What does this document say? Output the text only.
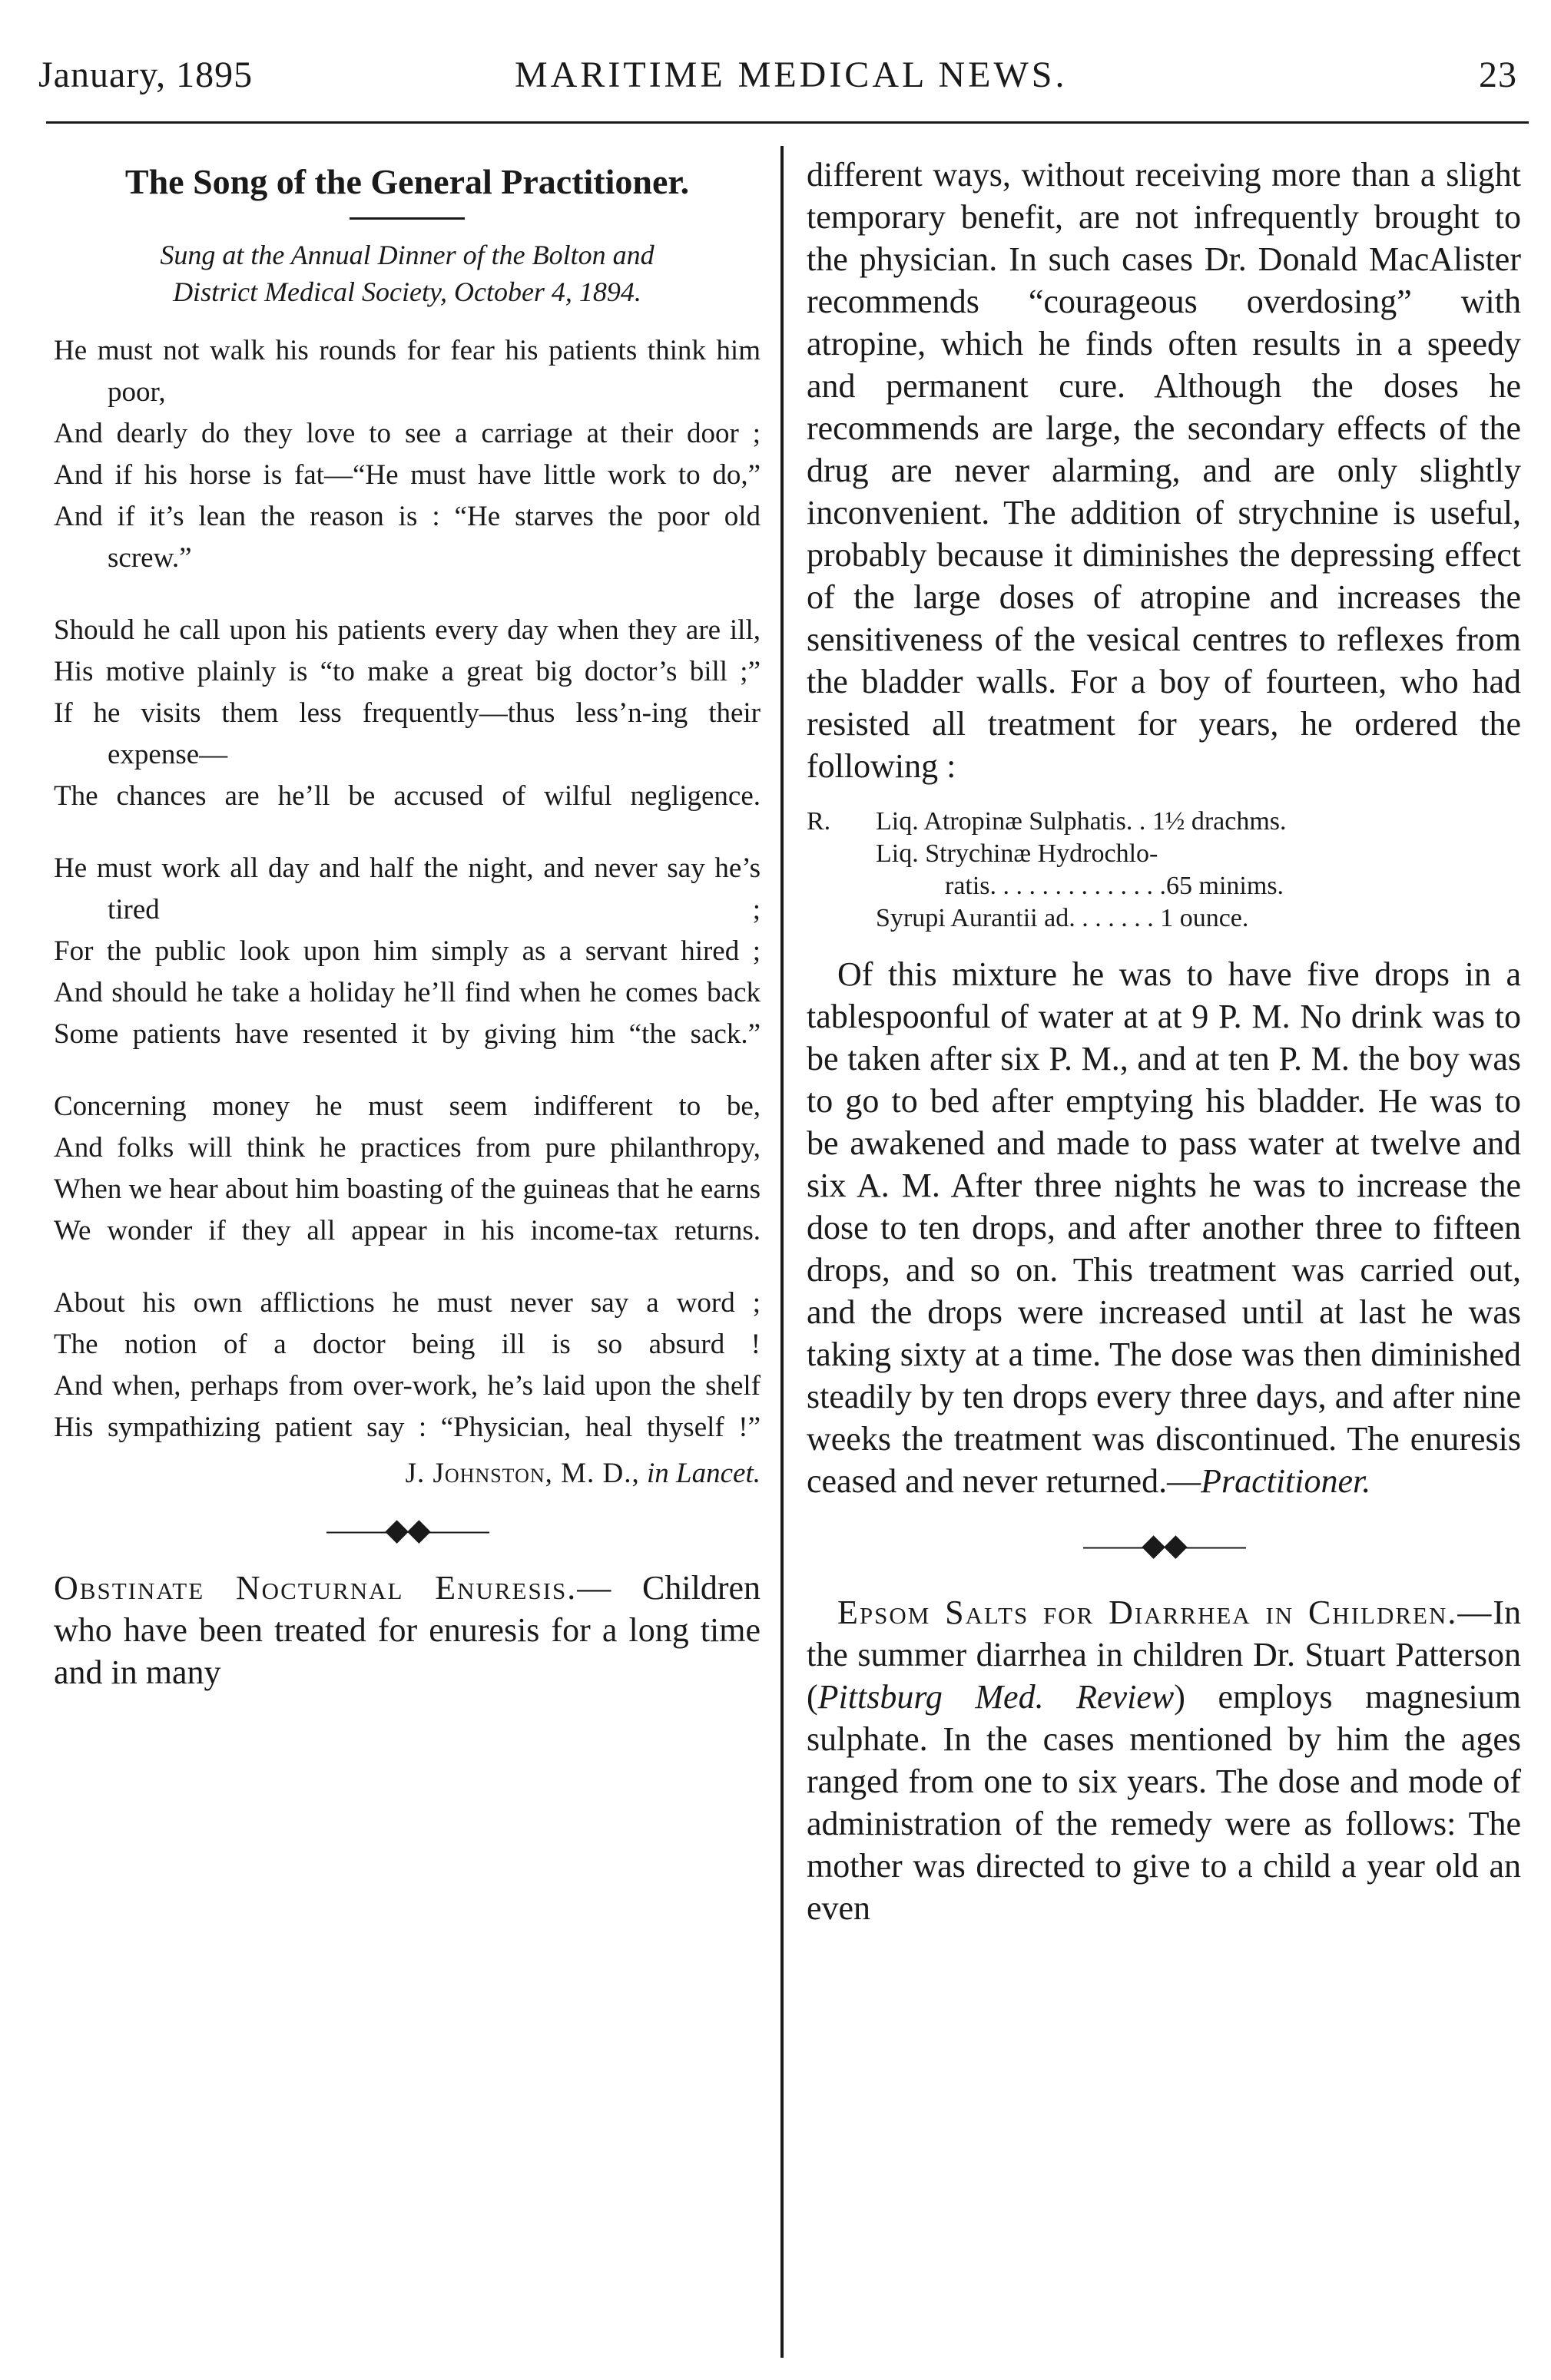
January, 1895	MARITIME MEDICAL NEWS.	23
The Song of the General Practitioner.
Sung at the Annual Dinner of the Bolton and
District Medical Society, October 4, 1894.
He must not walk his rounds for fear his patients think him poor,
And dearly do they love to see a carriage at their door ;
And if his horse is fat—“He must have little work to do,”
And if it’s lean the reason is : “He starves the poor old screw.”
Should he call upon his patients every day when they are ill,
His motive plainly is “to make a great big doctor’s bill ;”
If he visits them less frequently—thus less’n-ing their expense—
The chances are he’ll be accused of wilful negligence.
He must work all day and half the night, and never say he’s tired ;
For the public look upon him simply as a servant hired ;
And should he take a holiday he’ll find when he comes back
Some patients have resented it by giving him “the sack.”
Concerning money he must seem indifferent to be,
And folks will think he practices from pure philanthropy,
When we hear about him boasting of the guineas that he earns
We wonder if they all appear in his income-tax returns.
About his own afflictions he must never say a word ;
The notion of a doctor being ill is so absurd !
And when, perhaps from over-work, he’s laid upon the shelf
His sympathizing patient say : “Physician, heal thyself !”
J. Johnston, M. D., in Lancet.
——◆◆——
Obstinate Nocturnal Enuresis.— Children who have been treated for enuresis for a long time and in many
different ways, without receiving more than a slight temporary benefit, are not infrequently brought to the physician. In such cases Dr. Donald MacAlister recommends “courageous overdosing” with atropine, which he finds often results in a speedy and permanent cure. Although the doses he recommends are large, the secondary effects of the drug are never alarming, and are only slightly inconvenient. The addition of strychnine is useful, probably because it diminishes the depressing effect of the large doses of atropine and increases the sensitiveness of the vesical centres to reflexes from the bladder walls. For a boy of fourteen, who had resisted all treatment for years, he ordered the following :
R.	Liq. Atropinæ Sulphatis. . 1½ drachms.
Liq. Strychinæ Hydrochlo-
ratis. . . . . . . . . . . . . .65 minims.
Syrupi Aurantii ad. . . . . . . 1 ounce.
Of this mixture he was to have five drops in a tablespoonful of water at at 9 P. M. No drink was to be taken after six P. M., and at ten P. M. the boy was to go to bed after emptying his bladder. He was to be awakened and made to pass water at twelve and six A. M. After three nights he was to increase the dose to ten drops, and after another three to fifteen drops, and so on. This treatment was carried out, and the drops were increased until at last he was taking sixty at a time. The dose was then diminished steadily by ten drops every three days, and after nine weeks the treatment was discontinued. The enuresis ceased and never returned.—Practitioner.
——◆◆——
Epsom Salts for Diarrhea in Children.—In the summer diarrhea in children Dr. Stuart Patterson (Pittsburg Med. Review) employs magnesium sulphate. In the cases mentioned by him the ages ranged from one to six years. The dose and mode of administration of the remedy were as follows: The mother was directed to give to a child a year old an even
